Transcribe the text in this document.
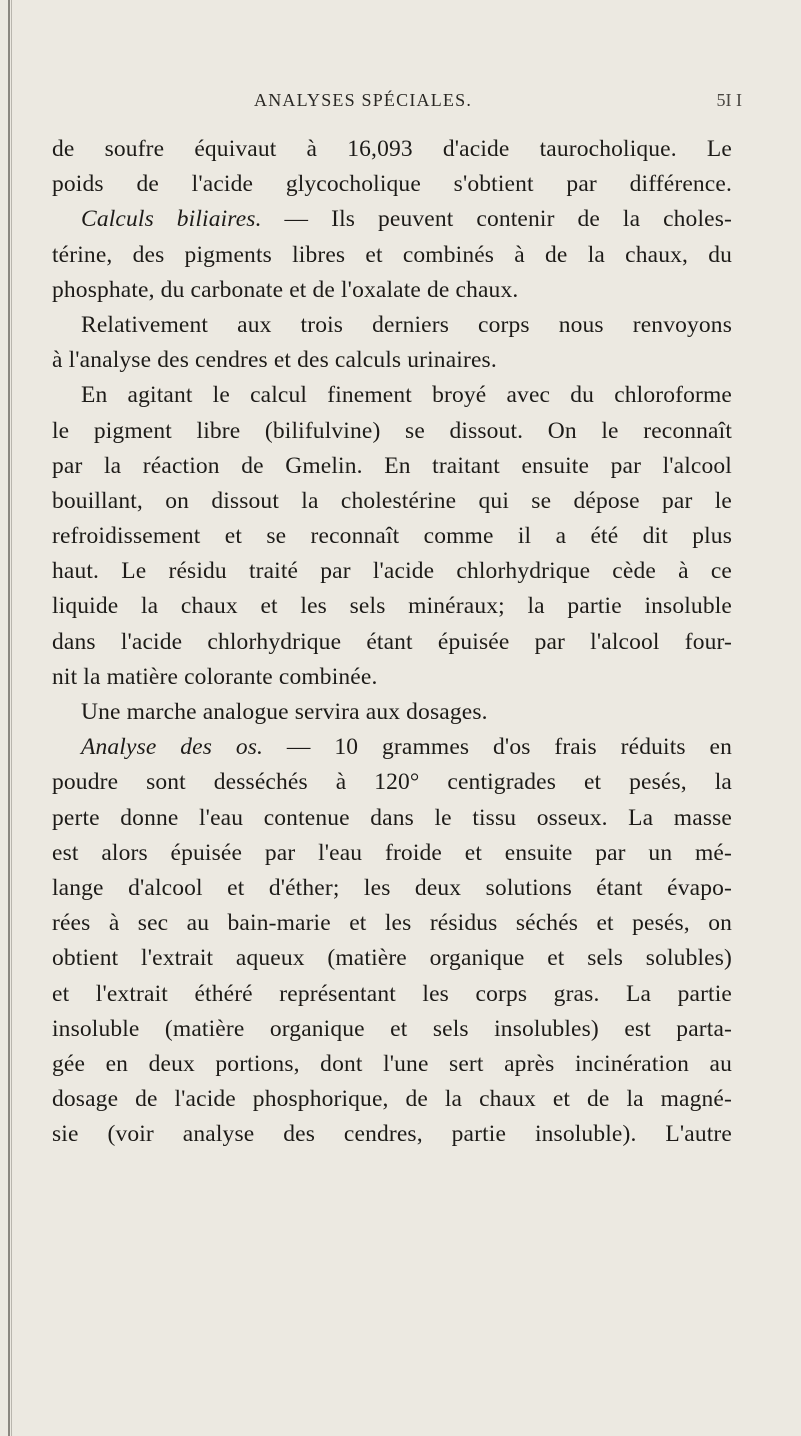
ANALYSES SPÉCIALES.	5I I
de soufre équivaut à 16,093 d'acide taurocholique. Le
poids de l'acide glycocholique s'obtient par différence.
Calculs biliaires. — Ils peuvent contenir de la choles-
térine, des pigments libres et combinés à de la chaux, du
phosphate, du carbonate et de l'oxalate de chaux.
Relativement aux trois derniers corps nous renvoyons
à l'analyse des cendres et des calculs urinaires.
En agitant le calcul finement broyé avec du chloroforme
le pigment libre (bilifulvine) se dissout. On le reconnaît
par la réaction de Gmelin. En traitant ensuite par l'alcool
bouillant, on dissout la cholestérine qui se dépose par le
refroidissement et se reconnaît comme il a été dit plus
haut. Le résidu traité par l'acide chlorhydrique cède à ce
liquide la chaux et les sels minéraux; la partie insoluble
dans l'acide chlorhydrique étant épuisée par l'alcool four-
nit la matière colorante combinée.
Une marche analogue servira aux dosages.
Analyse des os. — 10 grammes d'os frais réduits en
poudre sont desséchés à 120° centigrades et pesés, la
perte donne l'eau contenue dans le tissu osseux. La masse
est alors épuisée par l'eau froide et ensuite par un mé-
lange d'alcool et d'éther; les deux solutions étant évapo-
rées à sec au bain-marie et les résidus séchés et pesés, on
obtient l'extrait aqueux (matière organique et sels solubles)
et l'extrait éthéré représentant les corps gras. La partie
insoluble (matière organique et sels insolubles) est parta-
gée en deux portions, dont l'une sert après incinération au
dosage de l'acide phosphorique, de la chaux et de la magné-
sie (voir analyse des cendres, partie insoluble). L'autre
